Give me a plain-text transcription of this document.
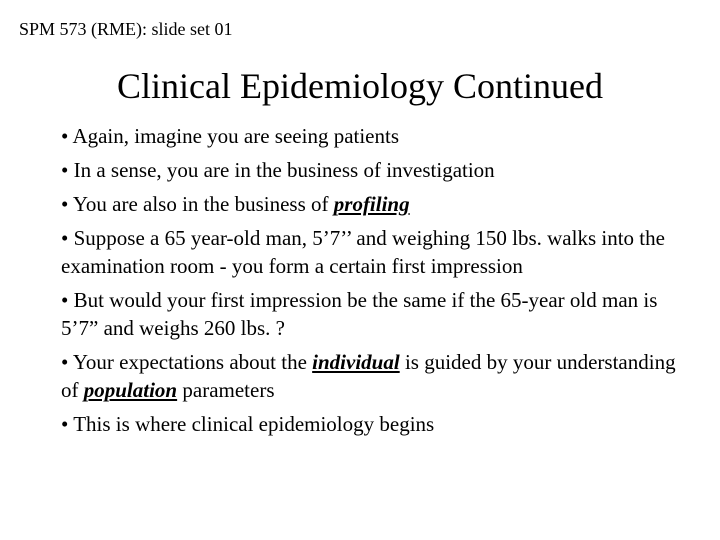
SPM 573 (RME): slide set 01
Clinical Epidemiology Continued
• Again, imagine you are seeing patients
• In a sense, you are in the business of investigation
• You are also in the business of profiling
• Suppose a 65 year-old man, 5’7’’ and weighing 150 lbs. walks into the examination room - you form a certain first impression
• But would your first impression be the same if the 65-year old man is 5’7” and weighs 260 lbs. ?
• Your expectations about the individual is guided by your understanding of population parameters
• This is where clinical epidemiology begins
